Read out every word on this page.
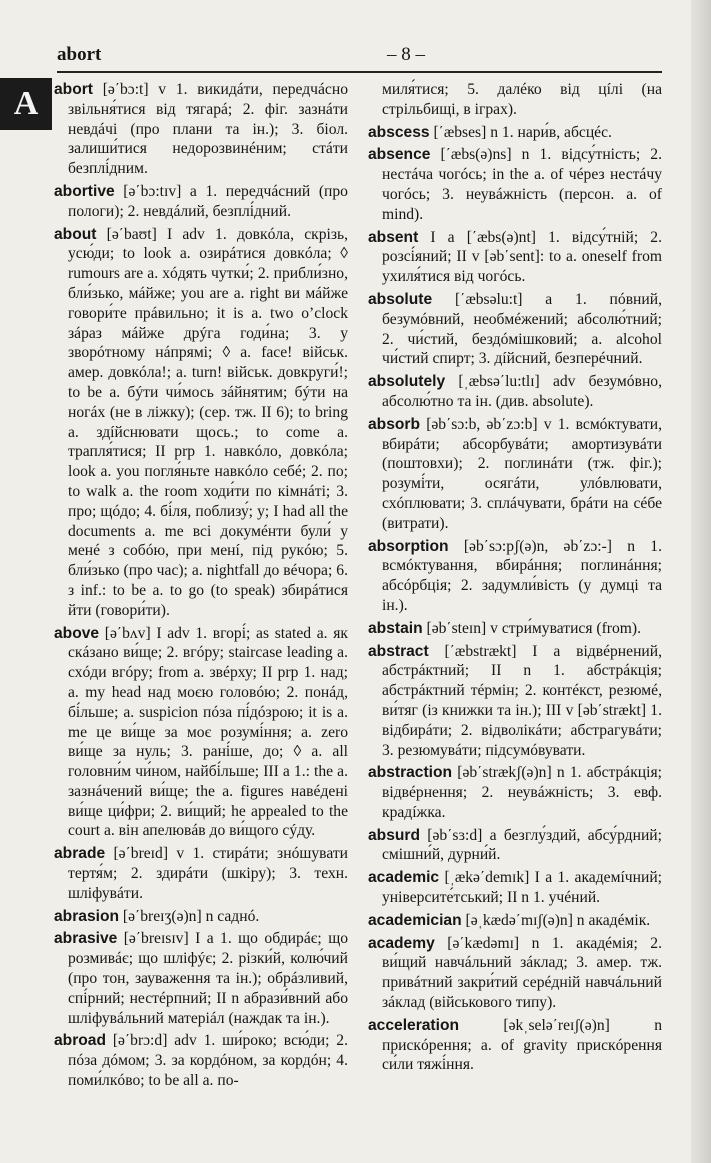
abort	– 8 –
A	abort [ə΄bɔ:t] v 1. викидáти, передчáсно звільня́тися від тягарá; 2. фіг. зазнáти невдáчі (про плани та ін.); 3. біол. залиши́тися недорозвинéним; стáти безплі́дним.

abortive [ə΄bɔ:tɪv] a 1. передчáсний (про пологи); 2. невдáлий, безплі́дний.

about [ə΄baʊt] I adv 1. довкóла, скрізь, усю́ди; to look a. озирáтися довкóла; ◊ rumours are a. хóдять чутки́; 2. прибли́зно, бли́зько, мáйже; you are a. right ви мáйже говори́те прáвильно; it is a. two o’clock зáраз мáйже дрýга годи́на; 3. у зворóтному нáпрямі; ◊ a. face! військ. амер. довкóла!; a. turn! військ. довкруги́!; to be a. бýти чи́мось зáйнятим; бýти на ногáх (не в ліжку); (сер. тж. II 6); to bring a. здíйснювати щось.; to come a. трапля́тися; II prp 1. навкóло, довкóла; look a. you погля́ньте навкóло себé; 2. по; to walk a. the room ходи́ти по кімнáті; 3. про; щóдо; 4. бі́ля, поблизу́; y; I had all the documents a. me всі докумéнти були́ у менé з собóю, при менí, під рукóю; 5. бли́зько (про час); a. nightfall до вéчора; 6. з inf.: to be a. to go (to speak) збирáтися йти (говори́ти).

above [ə΄bʌv] I adv 1. вгорі́; as stated a. як скáзано ви́ще; 2. вгóру; staircase leading a. схóди вгóру; from a. звéрху; II prp 1. над; a. my head над моєю головóю; 2. понáд, бі́льше; a. suspicion пóза пі́дóзрою; it is a. me це ви́ще за моє розумі́ння; a. zero ви́ще за нуль; 3. рані́ше, до; ◊ a. all головни́м чи́ном, найбі́льше; III a 1.: the a. зазнáчений ви́ще; the a. figures навéдені ви́ще ци́фри; 2. ви́щий; he appealed to the court a. він апелювáв до ви́щого сýду.

abrade [ə΄breɪd] v 1. стирáти; знóшувати тертя́м; 2. здирáти (шкіру); 3. техн. шліфувáти.

abrasion [ə΄breɪʒ(ə)n] n саднó.

abrasive [ə΄breɪsɪv] I a 1. що обдирáє; що розмивáє; що шліфýє; 2. різки́й, колю́чий (про тон, зауваження та ін.); обрáзливий, спі́рний; нестéрпний; II n абрази́вний або шліфувáльний матеріáл (наждак та ін.).

abroad [ə΄brɔ:d] adv 1. ши́роко; всю́ди; 2. пóза дóмом; 3. за кордóном, за кордóн; 4. поми́лкóво; to be all a. по-

миля́тися; 5. далéко від цíлі (на стрільбищі, в іграх).

abscess [΄æbses] n 1. нари́в, абсцéс.

absence [΄æbs(ə)ns] n 1. відсу́тність; 2. нестáча чогóсь; in the a. of чéрез нестáчу чогóсь; 3. неувáжність (персон. a. of mind).

absent I a [΄æbs(ə)nt] 1. відсу́тній; 2. розсі́яний; II v [əb΄sent]: to a. oneself from ухиля́тися від чогóсь.

absolute [΄æbsəlu:t] a 1. пóвний, безумóвний, необмéжений; абсолю́тний; 2. чи́стий, бездóмішковий; a. alcohol чи́стий спирт; 3. дíйсний, безперéчний.

absolutely [ˌæbsə΄lu:tlɪ] adv безумóвно, абсолю́тно та ін. (див. absolute).

absorb [əb΄sɔ:b, əb΄zɔ:b] v 1. всмóктувати, вбирáти; абсорбувáти; амортизувáти (поштовхи); 2. поглинáти (тж. фіг.); розумі́ти, осягáти, улóвлювати, схóплювати; 3. сплáчувати, брáти на сéбе (витрати).

absorption [əb΄sɔ:pʃ(ə)n, əb΄zɔ:-] n 1. всмóктування, вбирáння; поглинáння; абсóрбція; 2. задумли́вість (у думці та ін.).

abstain [əb΄steɪn] v стри́муватися (from).

abstract [΄æbstrækt] I a відвéрнений, абстрáктний; II n 1. абстрáкція; абстрáктний тéрмін; 2. контéкст, резюмé, ви́тяг (із книжки та ін.); III v [əb΄strækt] 1. відбирáти; 2. відволікáти; абстрагувáти; 3. резюмувáти; підсумóвувати.

abstraction [əb΄strækʃ(ə)n] n 1. абстрáкція; відвéрнення; 2. неувáжність; 3. евф. крадíжка.

absurd [əb΄sɜ:d] a безглу́здий, абсу́рдний; смішни́й, дурни́й.

academic [ˌækə΄demɪk] I a 1. академíчний; університе́тський; II n 1. учéний.

academician [əˌkædə΄mɪʃ(ə)n] n акадéмік.

academy [ə΄kædəmɪ] n 1. акадéмія; 2. ви́щий навчáльний зáклад; 3. амер. тж. привáтний закри́тий серéдній навчáльний зáклад (військового типу).

acceleration	[əkˌselə΄reɪʃ(ə)n] n прискóрення; a. of gravity прискóрення си́ли тяжі́ння.
